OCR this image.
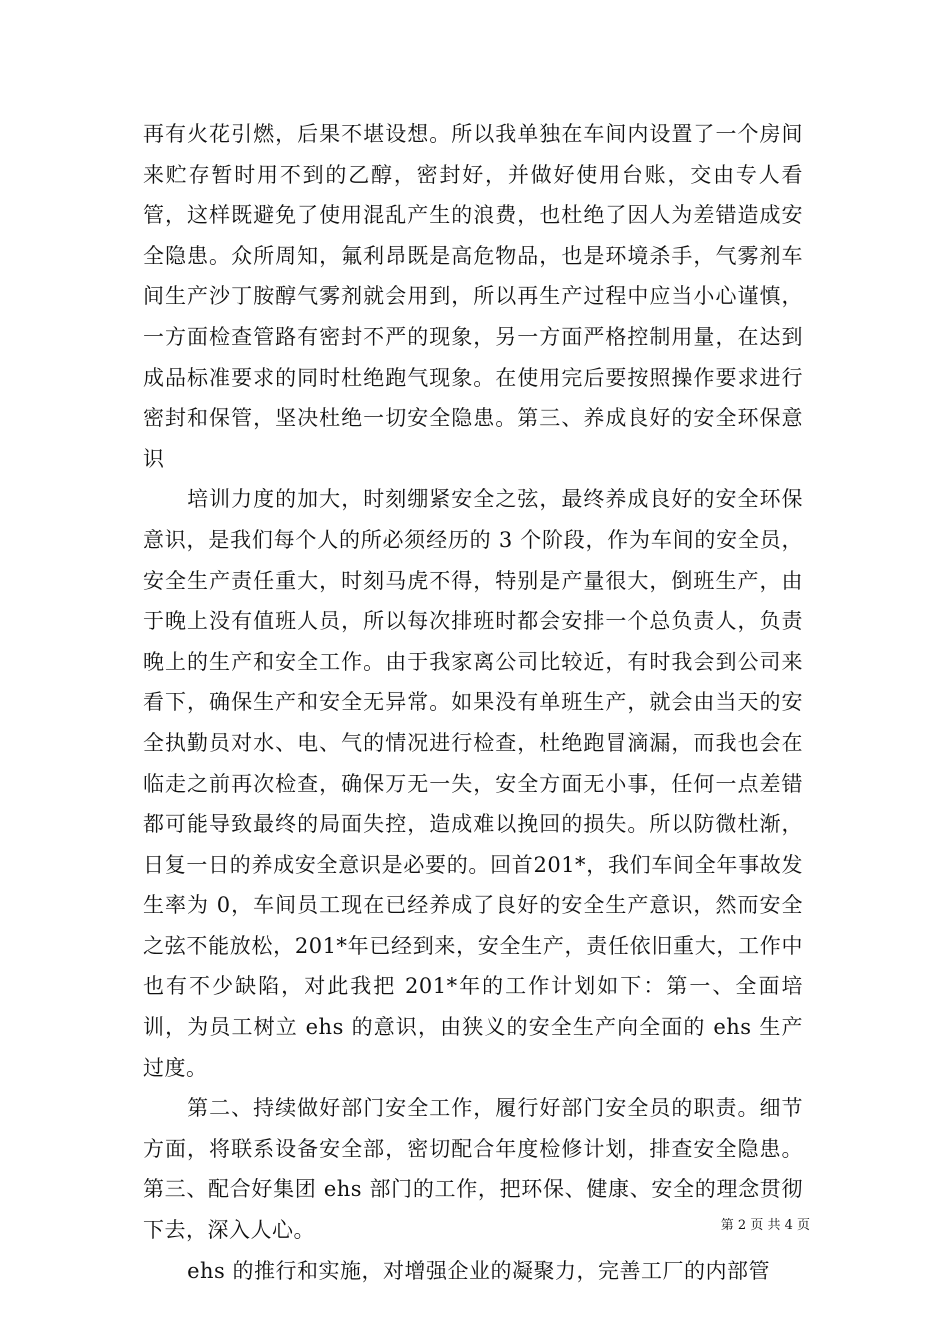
再有火花引燃，后果不堪设想。所以我单独在车间内设置了一个房间来贮存暂时用不到的乙醇，密封好，并做好使用台账，交由专人看管，这样既避免了使用混乱产生的浪费，也杜绝了因人为差错造成安全隐患。众所周知，氟利昂既是高危物品，也是环境杀手，气雾剂车间生产沙丁胺醇气雾剂就会用到，所以再生产过程中应当小心谨慎，一方面检查管路有密封不严的现象，另一方面严格控制用量，在达到成品标准要求的同时杜绝跑气现象。在使用完后要按照操作要求进行密封和保管，坚决杜绝一切安全隐患。第三、养成良好的安全环保意识

培训力度的加大，时刻绷紧安全之弦，最终养成良好的安全环保意识，是我们每个人的所必须经历的 3 个阶段，作为车间的安全员，安全生产责任重大，时刻马虎不得，特别是产量很大，倒班生产，由于晚上没有值班人员，所以每次排班时都会安排一个总负责人，负责晚上的生产和安全工作。由于我家离公司比较近，有时我会到公司来看下，确保生产和安全无异常。如果没有单班生产，就会由当天的安全执勤员对水、电、气的情况进行检查，杜绝跑冒滴漏，而我也会在临走之前再次检查，确保万无一失，安全方面无小事，任何一点差错都可能导致最终的局面失控，造成难以挽回的损失。所以防微杜渐，日复一日的养成安全意识是必要的。回首201*，我们车间全年事故发生率为 0，车间员工现在已经养成了良好的安全生产意识，然而安全之弦不能放松，201*年已经到来，安全生产，责任依旧重大，工作中也有不少缺陷，对此我把 201*年的工作计划如下：第一、全面培训，为员工树立 ehs 的意识，由狭义的安全生产向全面的 ehs 生产过度。

第二、持续做好部门安全工作，履行好部门安全员的职责。细节方面，将联系设备安全部，密切配合年度检修计划，排查安全隐患。第三、配合好集团 ehs 部门的工作，把环保、健康、安全的理念贯彻下去，深入人心。

ehs 的推行和实施，对增强企业的凝聚力，完善工厂的内部管

第 2 页 共 4 页
